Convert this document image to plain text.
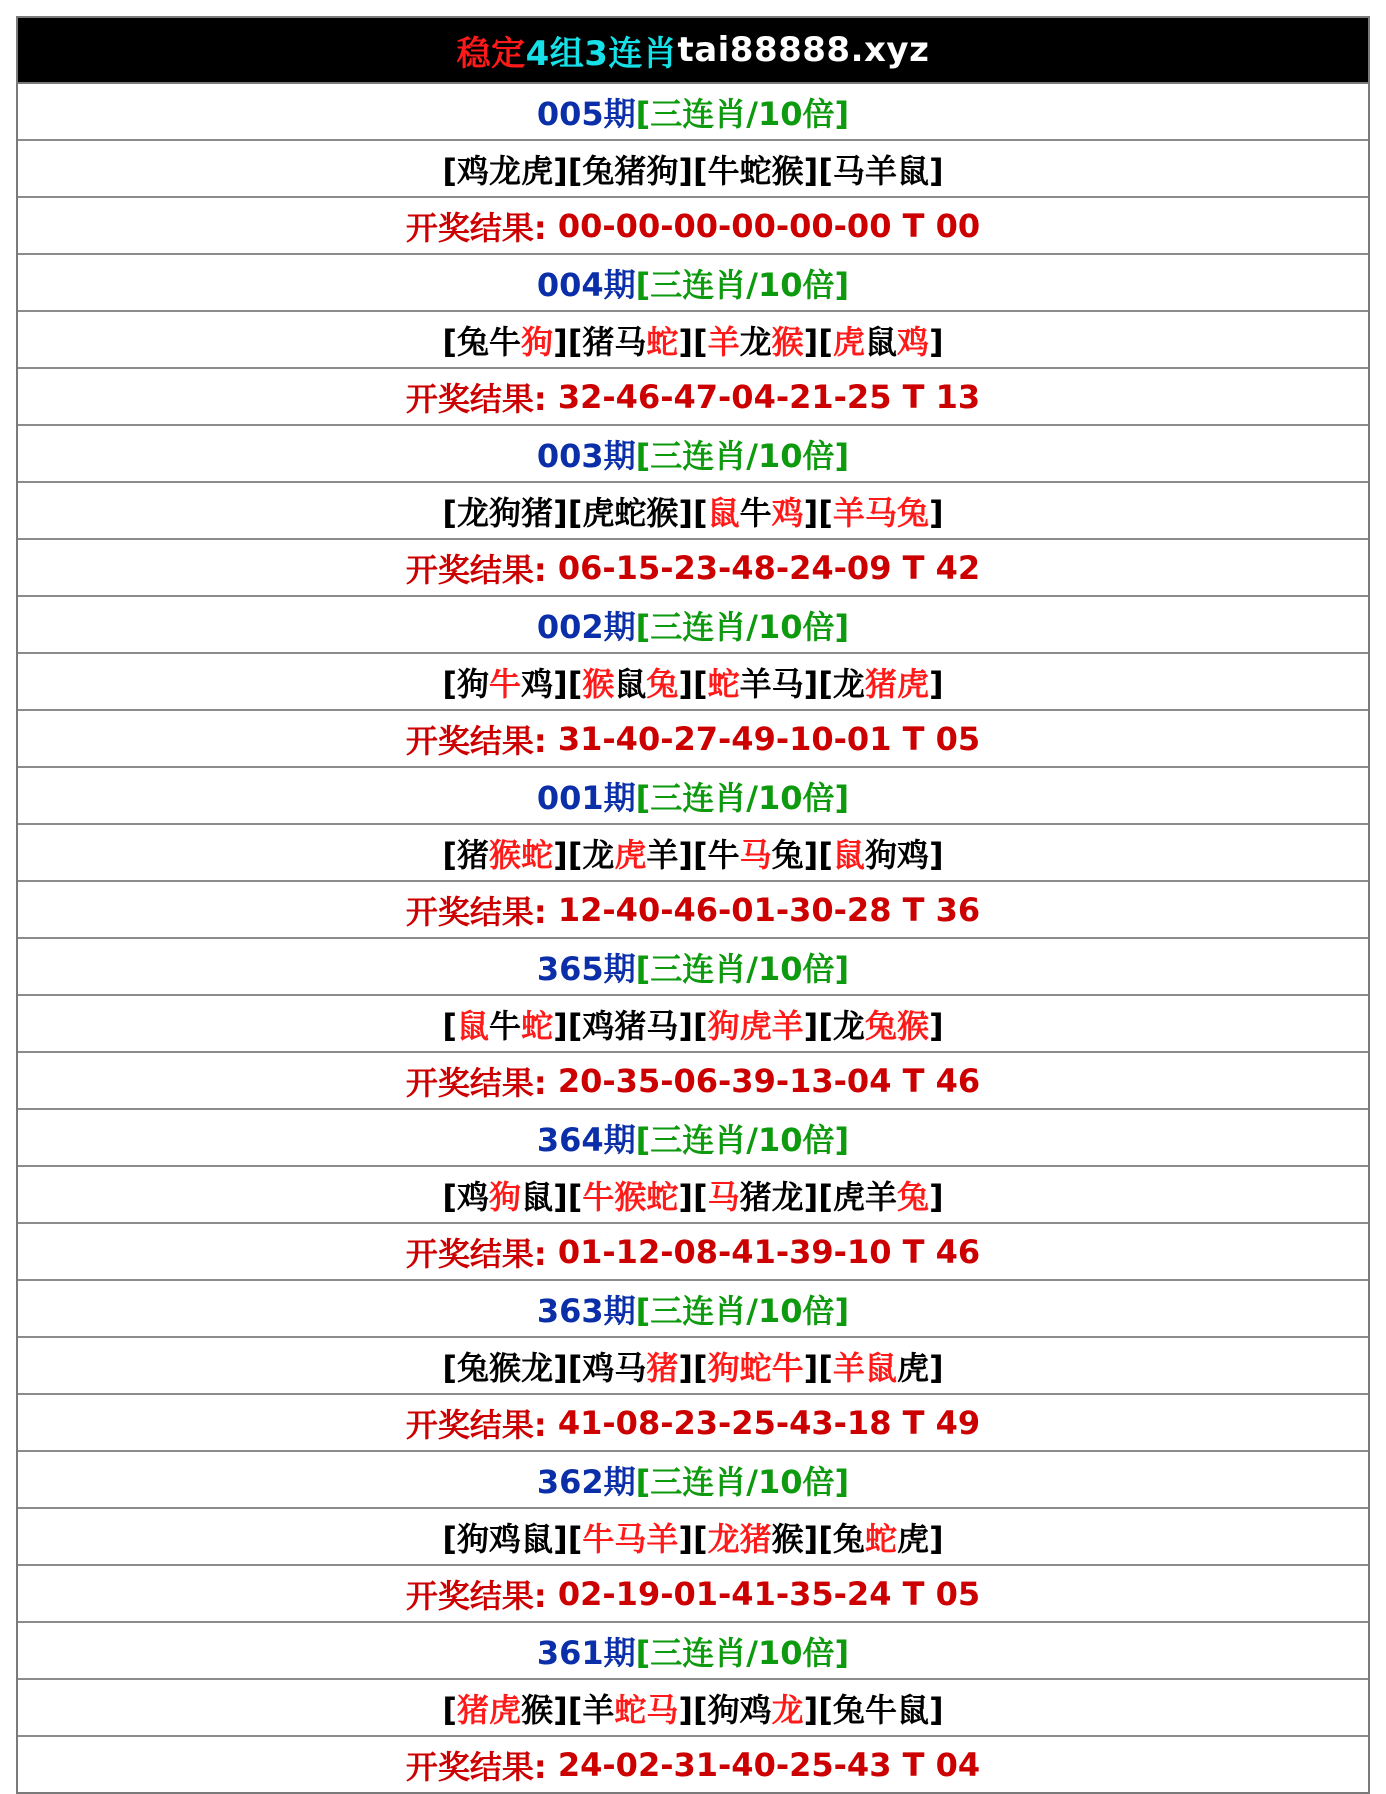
稳定 4组3连肖 tai88888.xyz
005期 [三连肖/10倍]
[鸡龙虎] [兔猪狗] [牛蛇猴] [马羊鼠]
开奖结果: 00-00-00-00-00-00 T 00
004期 [三连肖/10倍]
[兔牛狗] [猪马蛇] [羊龙猴] [虎鼠鸡]
开奖结果: 32-46-47-04-21-25 T 13
003期 [三连肖/10倍]
[龙狗猪] [虎蛇猴] [鼠牛鸡] [羊马兔]
开奖结果: 06-15-23-48-24-09 T 42
002期 [三连肖/10倍]
[狗牛鸡] [猴鼠兔] [蛇羊马] [龙猪虎]
开奖结果: 31-40-27-49-10-01 T 05
001期 [三连肖/10倍]
[猪猴蛇] [龙虎羊] [牛马兔] [鼠狗鸡]
开奖结果: 12-40-46-01-30-28 T 36
365期 [三连肖/10倍]
[鼠牛蛇] [鸡猪马] [狗虎羊] [龙兔猴]
开奖结果: 20-35-06-39-13-04 T 46
364期 [三连肖/10倍]
[鸡狗鼠] [牛猴蛇] [马猪龙] [虎羊兔]
开奖结果: 01-12-08-41-39-10 T 46
363期 [三连肖/10倍]
[兔猴龙] [鸡马猪] [狗蛇牛] [羊鼠虎]
开奖结果: 41-08-23-25-43-18 T 49
362期 [三连肖/10倍]
[狗鸡鼠] [牛马羊] [龙猪猴] [兔蛇虎]
开奖结果: 02-19-01-41-35-24 T 05
361期 [三连肖/10倍]
[猪虎猴] [羊蛇马] [狗鸡龙] [兔牛鼠]
开奖结果: 24-02-31-40-25-43 T 04
